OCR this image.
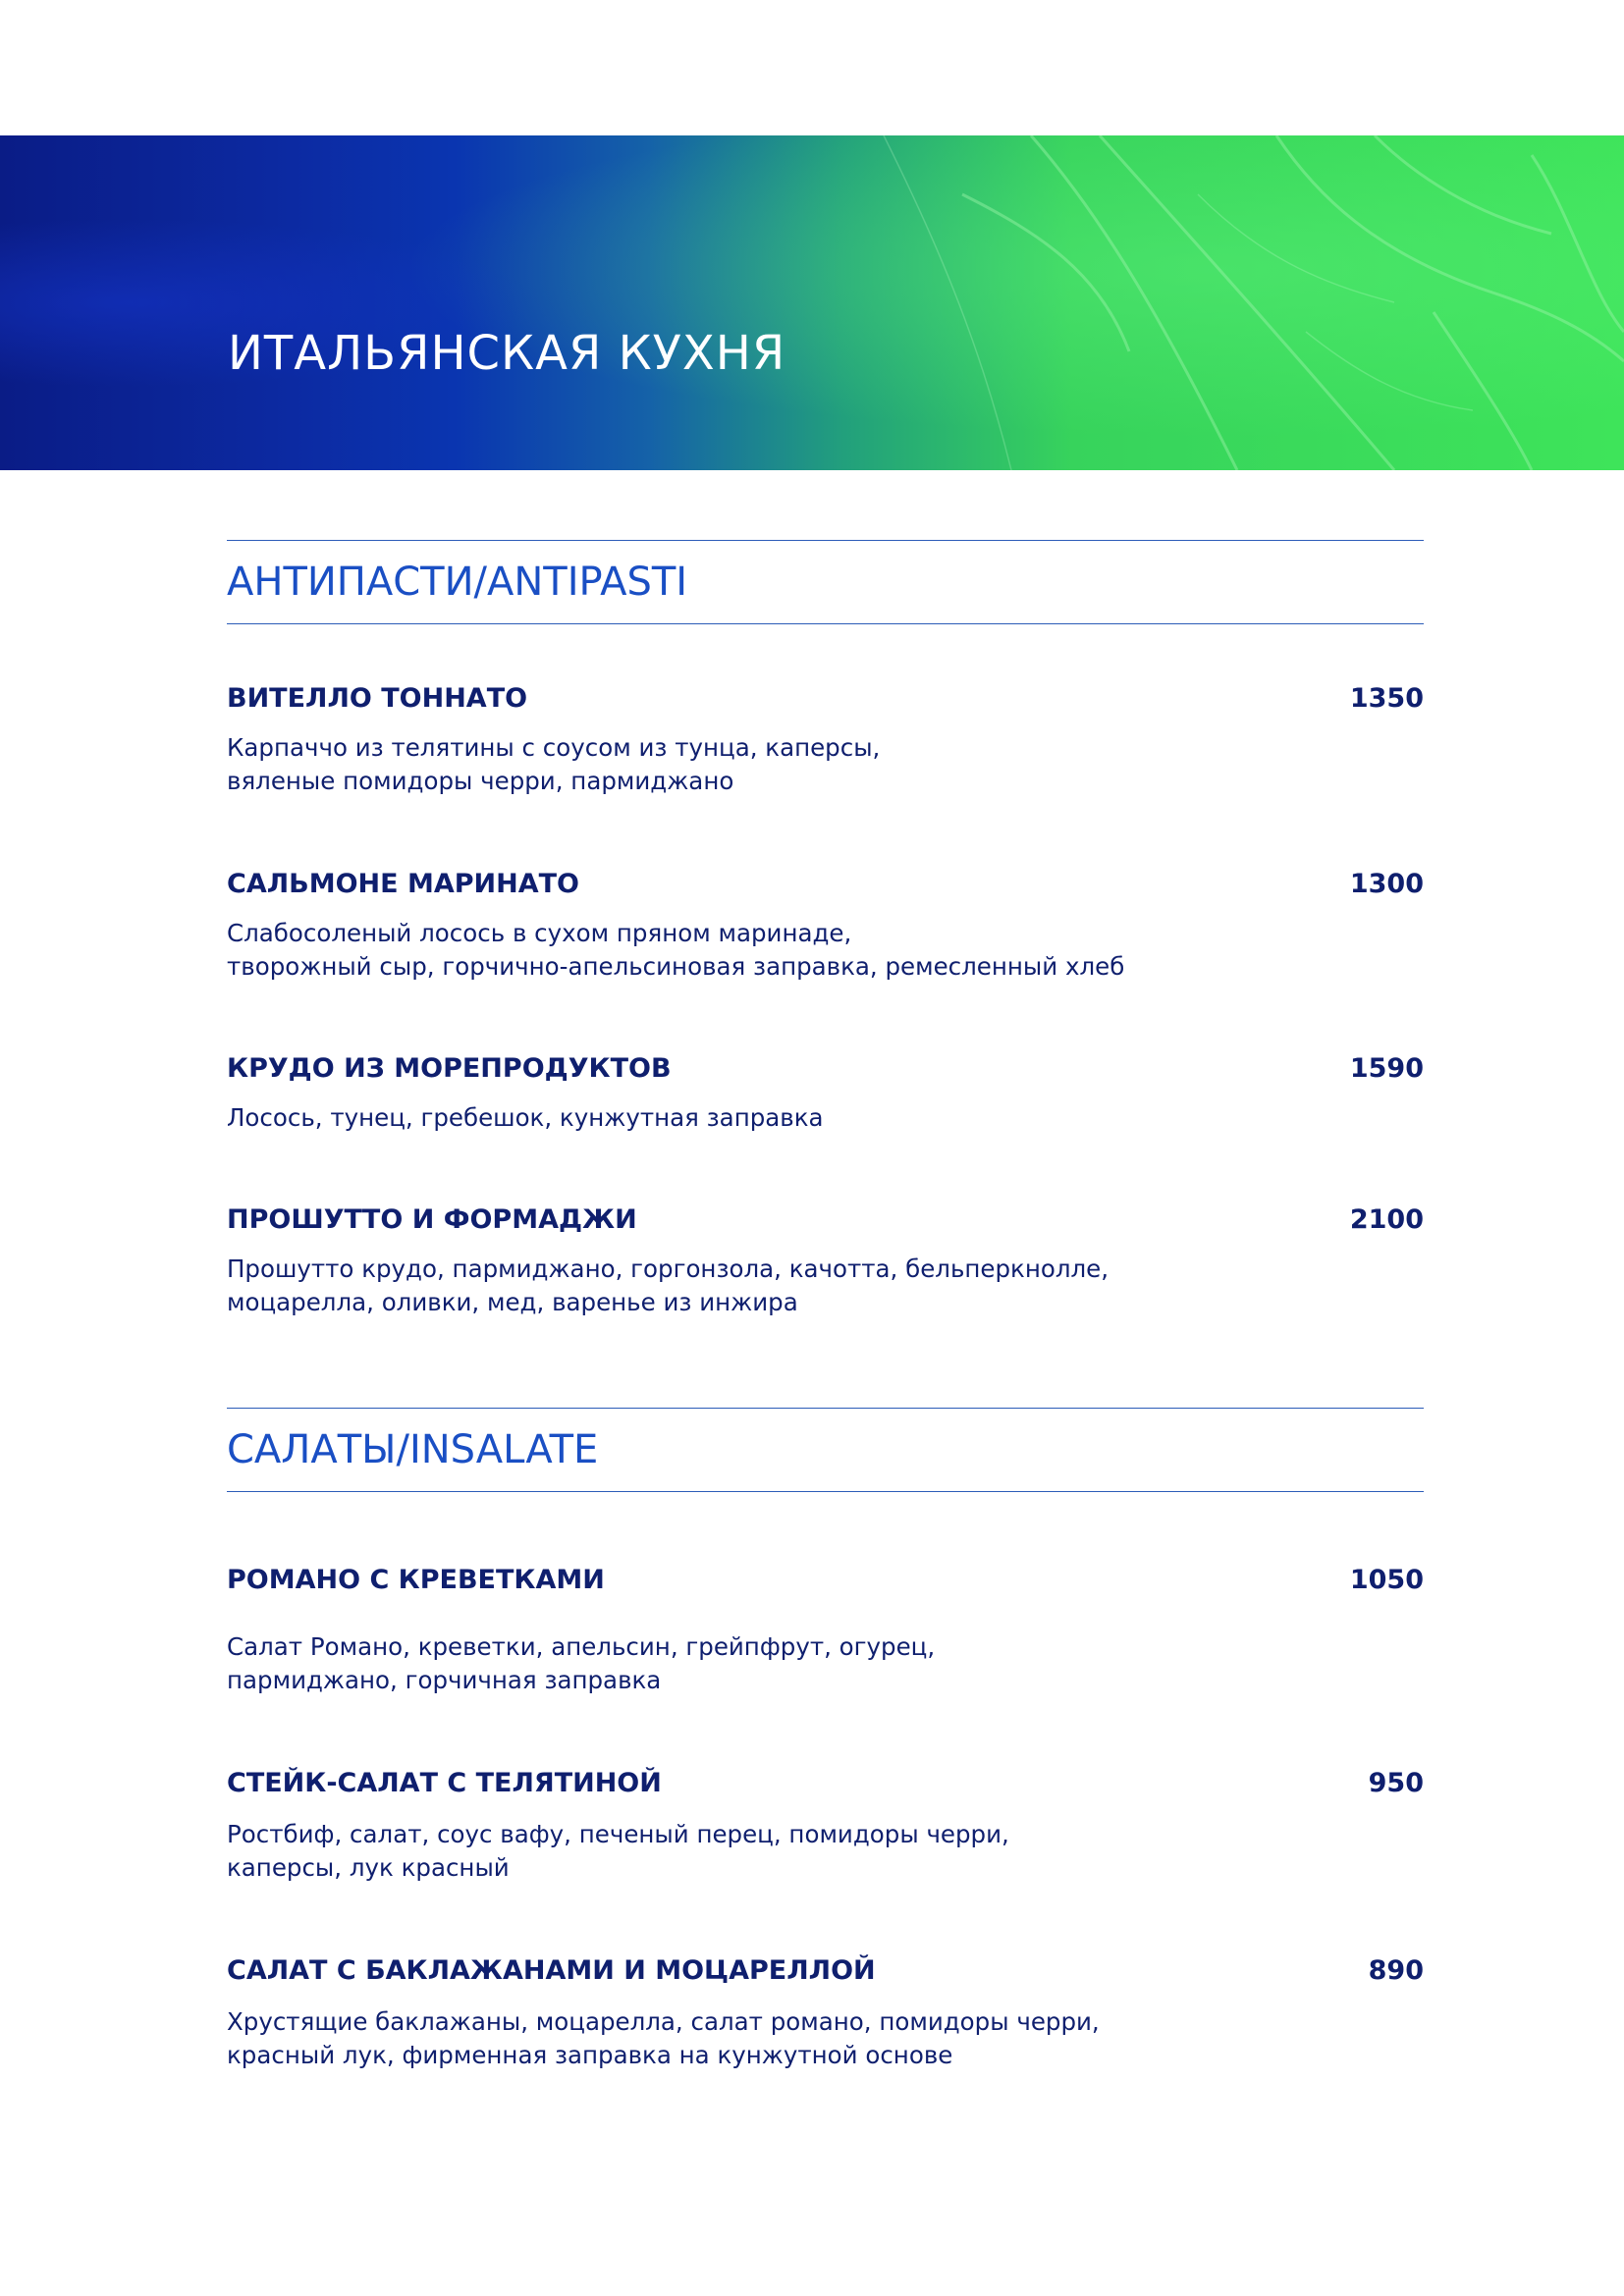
ИТАЛЬЯНСКАЯ КУХНЯ
АНТИПАСТИ/ANTIPASTI
ВИТЕЛЛО ТОННАТО	1350
Карпаччо из телятины с соусом из тунца, каперсы,
вяленые помидоры черри, пармиджано
САЛЬМОНЕ МАРИНАТО	1300
Слабосоленый лосось в сухом пряном маринаде,
творожный сыр, горчично-апельсиновая заправка, ремесленный хлеб
КРУДО ИЗ МОРЕПРОДУКТОВ	1590
Лосось, тунец, гребешок, кунжутная заправка
ПРОШУТТО И ФОРМАДЖИ	2100
Прошутто крудо, пармиджано, горгонзола, качотта, бельперкнолле,
моцарелла, оливки, мед, варенье из инжира
САЛАТЫ/INSALATE
РОМАНО С КРЕВЕТКАМИ	1050
Салат Романо, креветки, апельсин, грейпфрут, огурец,
пармиджано, горчичная заправка
СТЕЙК-САЛАТ С ТЕЛЯТИНОЙ	950
Ростбиф, салат, соус вафу, печеный перец, помидоры черри,
каперсы, лук красный
САЛАТ С БАКЛАЖАНАМИ И МОЦАРЕЛЛОЙ	890
Хрустящие баклажаны, моцарелла, салат романо, помидоры черри,
красный лук, фирменная заправка на кунжутной основе
